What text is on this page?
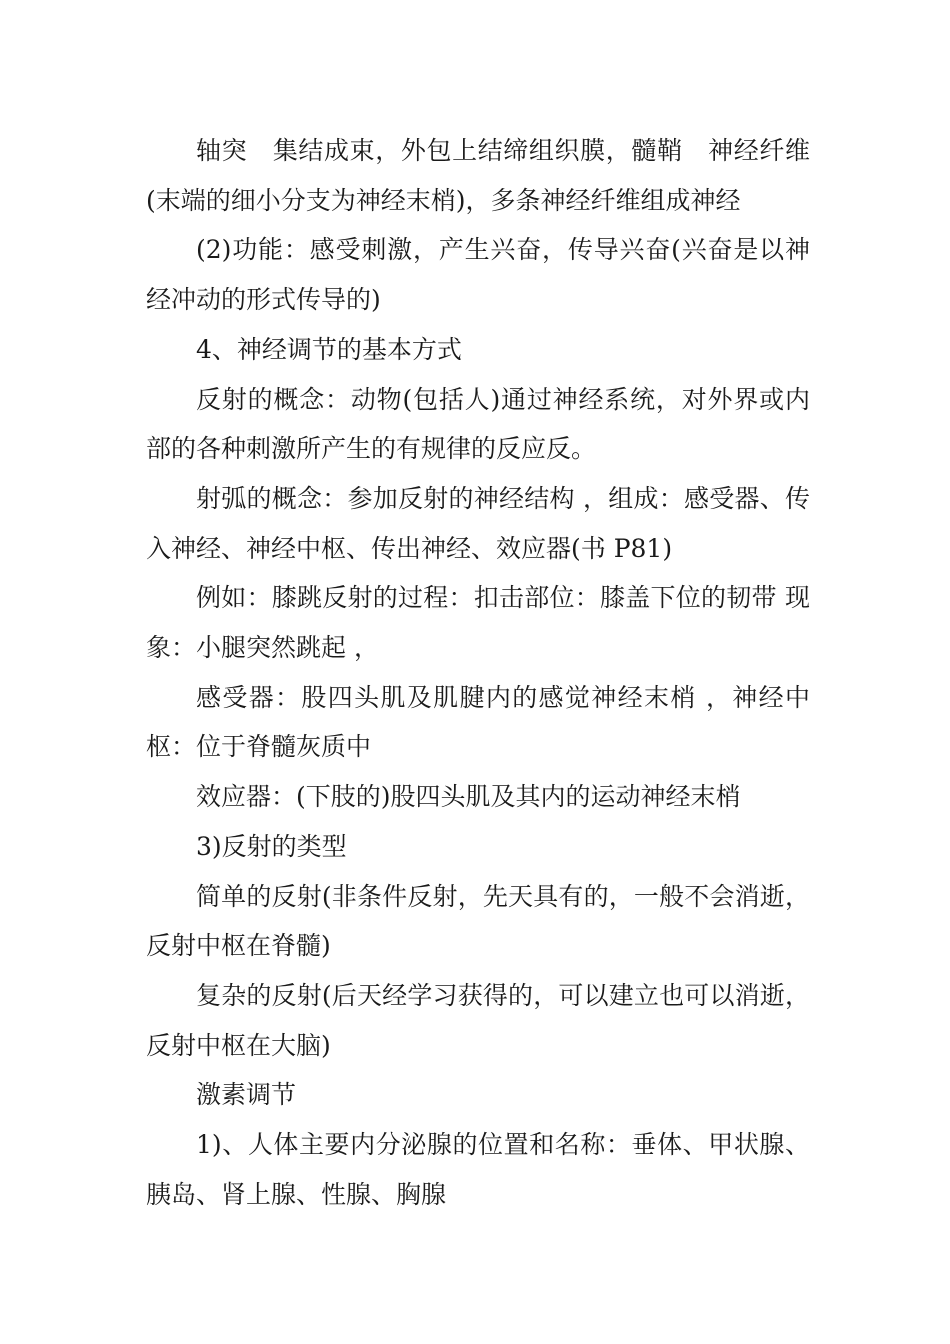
轴突　集结成束，外包上结缔组织膜，髓鞘　神经纤维(末端的细小分支为神经末梢)，多条神经纤维组成神经

(2)功能：感受刺激，产生兴奋，传导兴奋(兴奋是以神经冲动的形式传导的)

4、神经调节的基本方式

反射的概念：动物(包括人)通过神经系统，对外界或内部的各种刺激所产生的有规律的反应反。

射弧的概念：参加反射的神经结构 ，组成：感受器、传入神经、神经中枢、传出神经、效应器(书 P81)

例如：膝跳反射的过程：扣击部位：膝盖下位的韧带 现象：小腿突然跳起 ，

感受器：股四头肌及肌腱内的感觉神经末梢 ，神经中枢：位于脊髓灰质中

效应器：(下肢的)股四头肌及其内的运动神经末梢

3)反射的类型

简单的反射(非条件反射，先天具有的，一般不会消逝，反射中枢在脊髓)

复杂的反射(后天经学习获得的，可以建立也可以消逝，反射中枢在大脑)

激素调节

1)、人体主要内分泌腺的位置和名称：垂体、甲状腺、胰岛、肾上腺、性腺、胸腺
